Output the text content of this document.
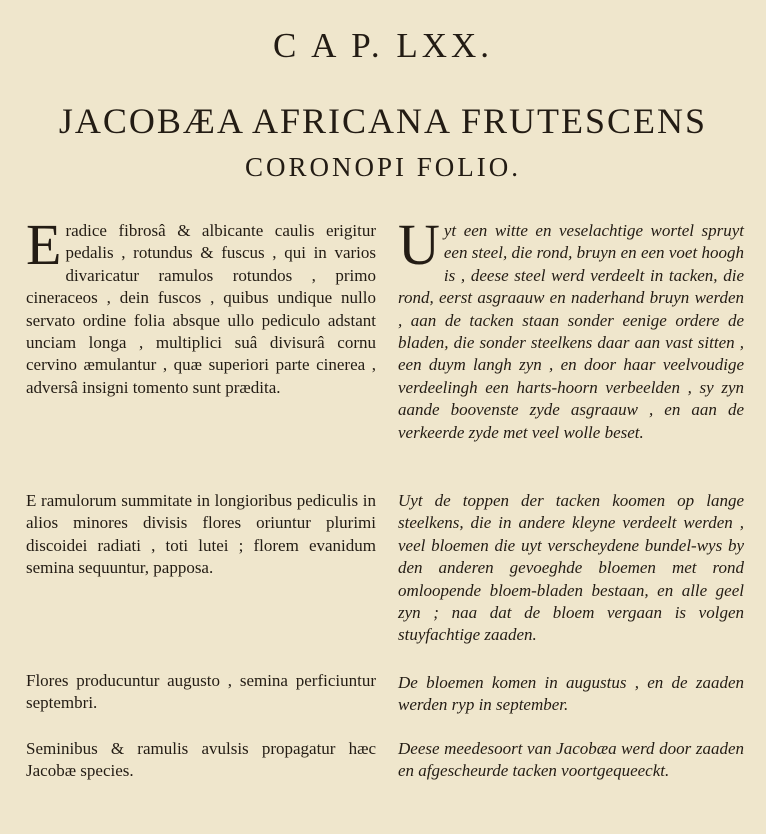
C A P. LXX.
JACOBÆA AFRICANA FRUTESCENS
CORONOPI FOLIO.
E radice fibrosâ & albicante caulis erigitur pedalis , rotundus & fuscus , qui in varios divaricatur ramulos rotundos , primo cineraceos , dein fuscos , quibus undique nullo servato ordine folia absque ullo pediculo adstant unciam longa , multiplici suâ divisurâ cornu cervino æmulantur , quæ superiori parte cinerea , adversâ insigni tomento sunt prædita.
E ramulorum summitate in longioribus pediculis in alios minores divisis flores oriuntur plurimi discoidei radiati , toti lutei ; florem evanidum semina sequuntur, papposa.
Flores producuntur augusto , semina perficiuntur septembri.
Seminibus & ramulis avulsis propagatur hæc Jacobæ species.
U yt een witte en veselachtige wortel spruyt een steel, die rond, bruyn en een voet hoogh is , deese steel werd verdeelt in tacken, die rond, eerst asgraauw en naderhand bruyn werden , aan de tacken staan sonder eenige ordere de bladen, die sonder steelkens daar aan vast sitten , een duym langh zyn , en door haar veelvoudige verdeelingh een harts-hoorn verbeelden , sy zyn aande boovenste zyde asgraauw , en aan de verkeerde zyde met veel wolle beset.
Uyt de toppen der tacken koomen op lange steelkens, die in andere kleyne verdeelt werden , veel bloemen die uyt verscheydene bundel-wys by den anderen gevoeghde bloemen met rond omloopende bloem-bladen bestaan, en alle geel zyn ; naa dat de bloem vergaan is volgen stuyfachtige zaaden.
De bloemen komen in augustus , en de zaaden werden ryp in september.
Deese meedesoort van Jacobæa werd door zaaden en afgescheurde tacken voortgequeeckt.
